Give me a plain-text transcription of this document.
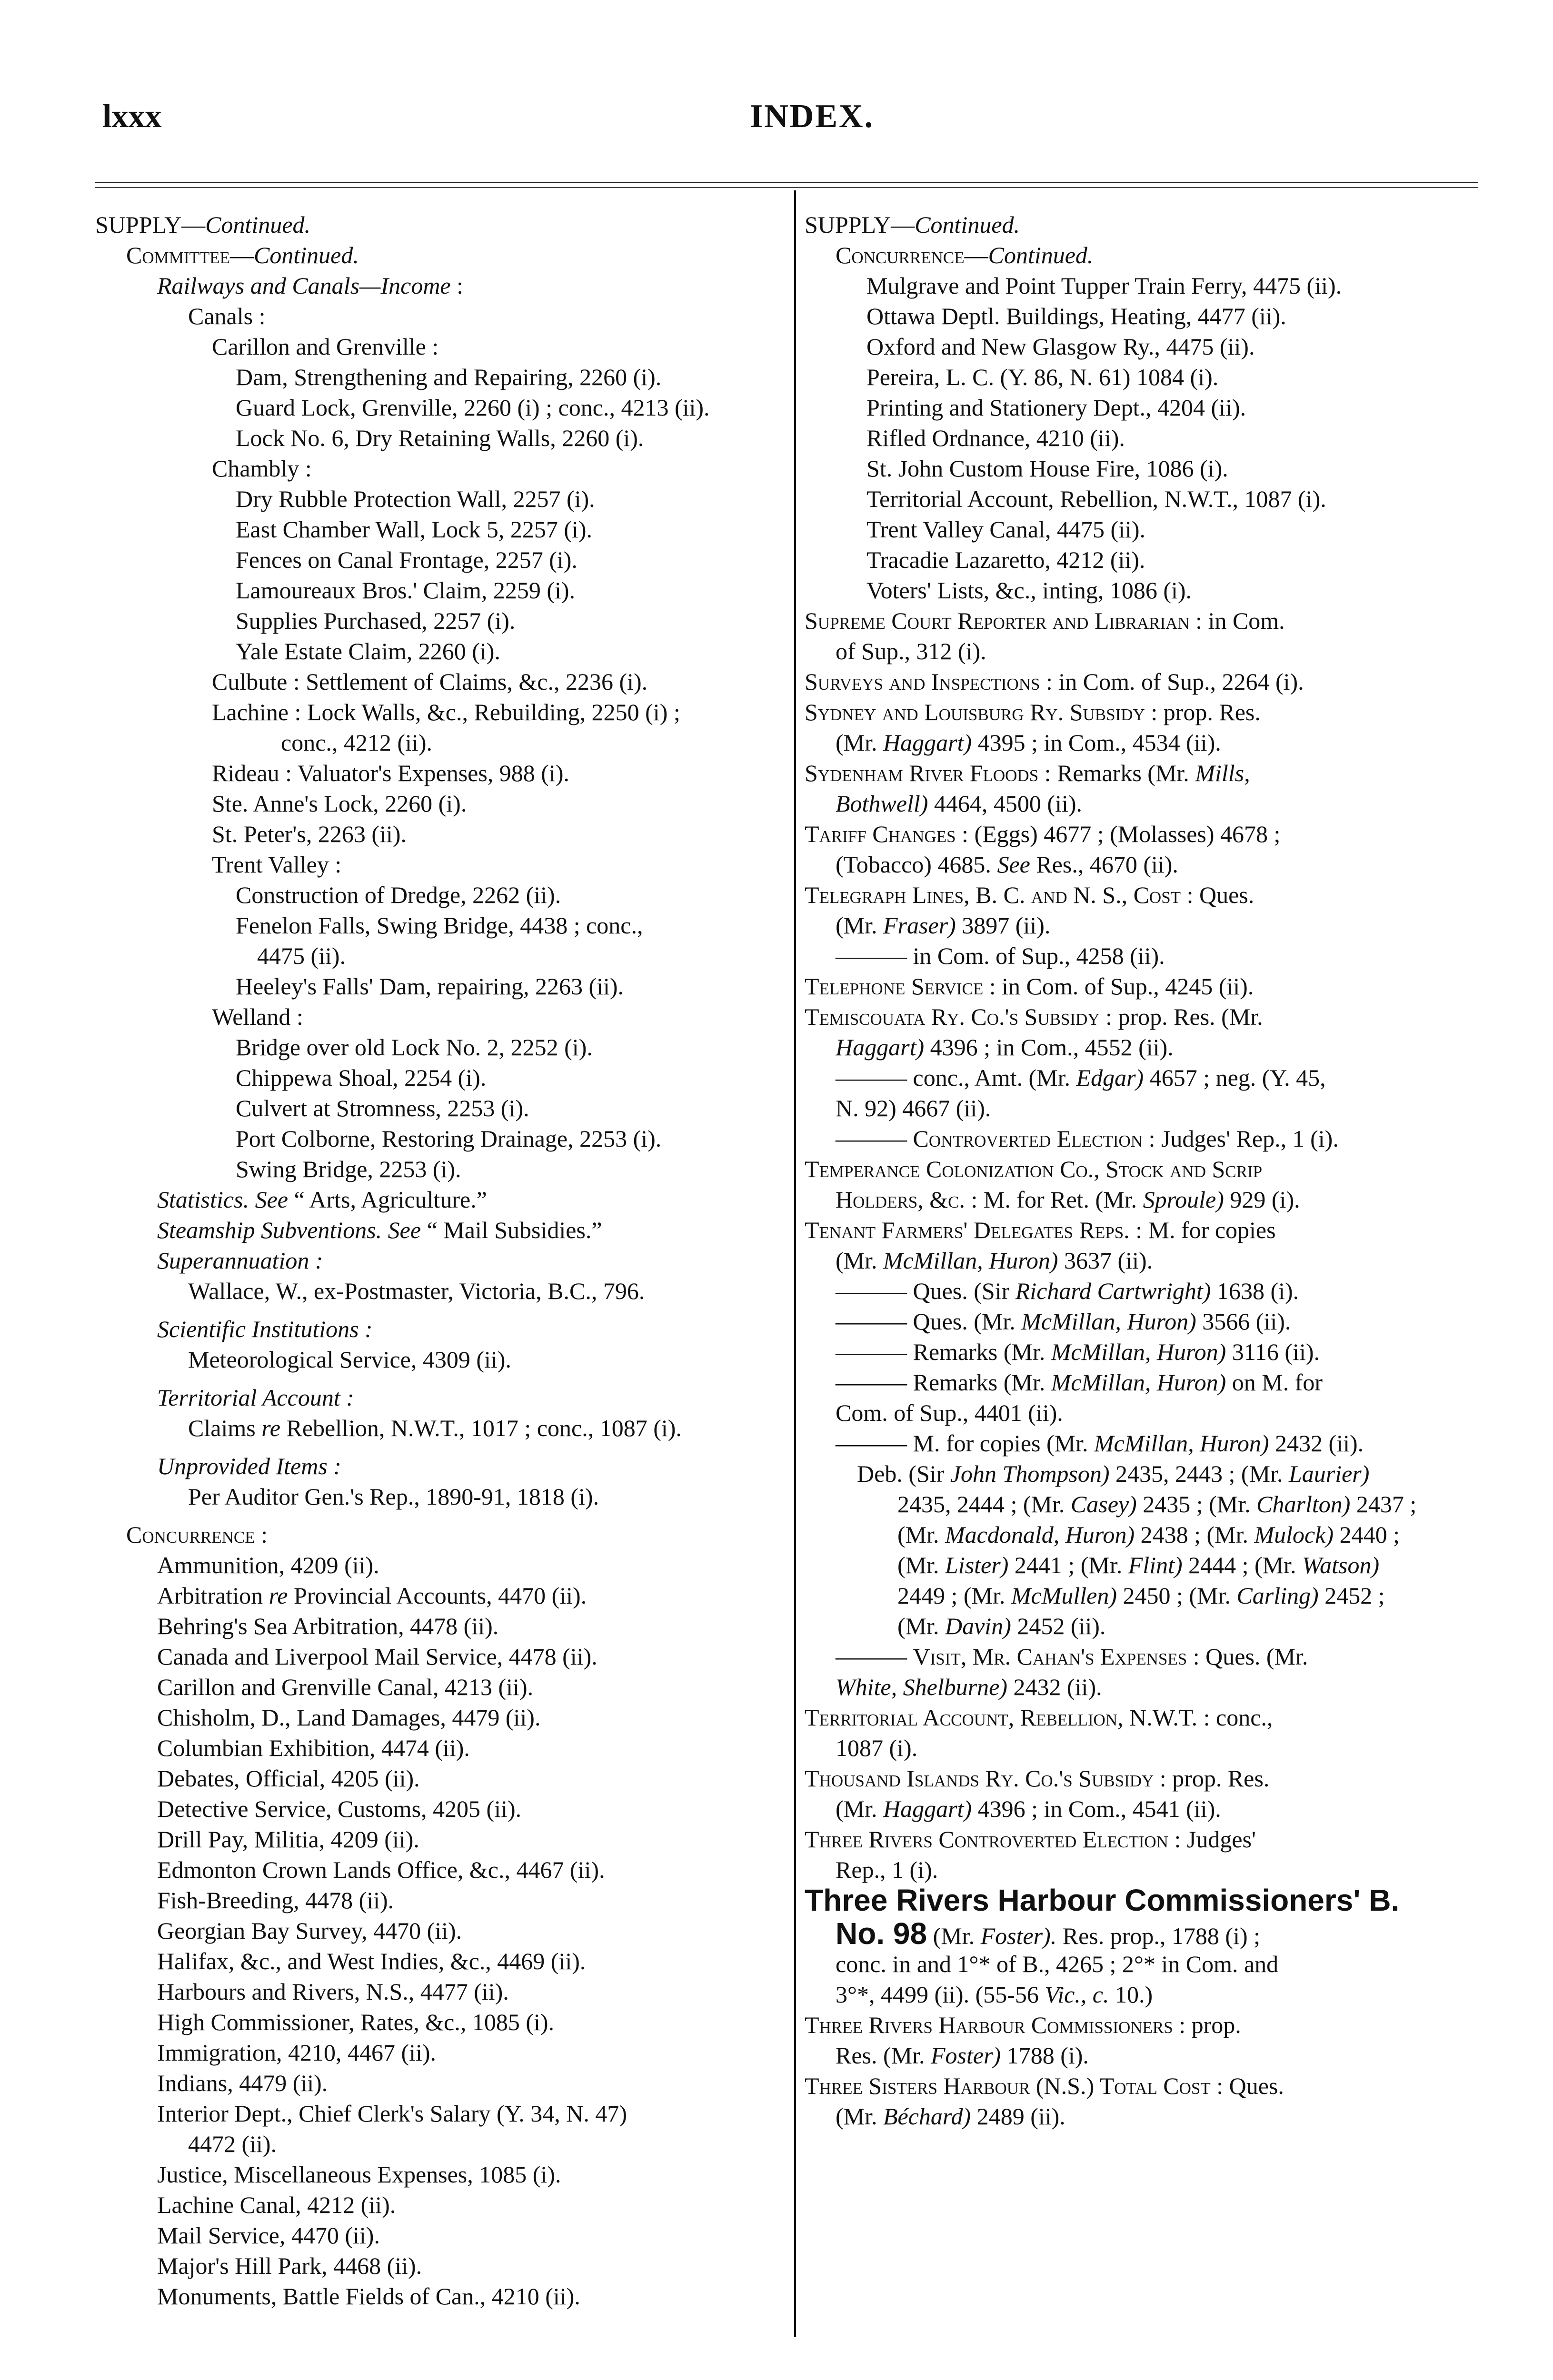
lxxx	INDEX.
SUPPLY—Continued.
Committee—Continued.
Railways and Canals—Income :
Canals :
Carillon and Grenville :
Dam, Strengthening and Repairing, 2260 (i).
Guard Lock, Grenville, 2260 (i) ; conc., 4213 (ii).
Lock No. 6, Dry Retaining Walls, 2260 (i).
Chambly :
Dry Rubble Protection Wall, 2257 (i).
East Chamber Wall, Lock 5, 2257 (i).
Fences on Canal Frontage, 2257 (i).
Lamoureaux Bros.' Claim, 2259 (i).
Supplies Purchased, 2257 (i).
Yale Estate Claim, 2260 (i).
Culbute : Settlement of Claims, &c., 2236 (i).
Lachine : Lock Walls, &c., Rebuilding, 2250 (i) ;
conc., 4212 (ii).
Rideau : Valuator's Expenses, 988 (i).
Ste. Anne's Lock, 2260 (i).
St. Peter's, 2263 (ii).
Trent Valley :
Construction of Dredge, 2262 (ii).
Fenelon Falls, Swing Bridge, 4438 ; conc.,
4475 (ii).
Heeley's Falls' Dam, repairing, 2263 (ii).
Welland :
Bridge over old Lock No. 2, 2252 (i).
Chippewa Shoal, 2254 (i).
Culvert at Stromness, 2253 (i).
Port Colborne, Restoring Drainage, 2253 (i).
Swing Bridge, 2253 (i).
Statistics. See “ Arts, Agriculture.”
Steamship Subventions. See “ Mail Subsidies.”
Superannuation :
Wallace, W., ex-Postmaster, Victoria, B.C., 796.
Scientific Institutions :
Meteorological Service, 4309 (ii).
Territorial Account :
Claims re Rebellion, N.W.T., 1017 ; conc., 1087 (i).
Unprovided Items :
Per Auditor Gen.'s Rep., 1890-91, 1818 (i).
Concurrence :
Ammunition, 4209 (ii).
Arbitration re Provincial Accounts, 4470 (ii).
Behring's Sea Arbitration, 4478 (ii).
Canada and Liverpool Mail Service, 4478 (ii).
Carillon and Grenville Canal, 4213 (ii).
Chisholm, D., Land Damages, 4479 (ii).
Columbian Exhibition, 4474 (ii).
Debates, Official, 4205 (ii).
Detective Service, Customs, 4205 (ii).
Drill Pay, Militia, 4209 (ii).
Edmonton Crown Lands Office, &c., 4467 (ii).
Fish-Breeding, 4478 (ii).
Georgian Bay Survey, 4470 (ii).
Halifax, &c., and West Indies, &c., 4469 (ii).
Harbours and Rivers, N.S., 4477 (ii).
High Commissioner, Rates, &c., 1085 (i).
Immigration, 4210, 4467 (ii).
Indians, 4479 (ii).
Interior Dept., Chief Clerk's Salary (Y. 34, N. 47)
4472 (ii).
Justice, Miscellaneous Expenses, 1085 (i).
Lachine Canal, 4212 (ii).
Mail Service, 4470 (ii).
Major's Hill Park, 4468 (ii).
Monuments, Battle Fields of Can., 4210 (ii).
SUPPLY—Continued.
Concurrence—Continued.
Mulgrave and Point Tupper Train Ferry, 4475 (ii).
Ottawa Deptl. Buildings, Heating, 4477 (ii).
Oxford and New Glasgow Ry., 4475 (ii).
Pereira, L. C. (Y. 86, N. 61) 1084 (i).
Printing and Stationery Dept., 4204 (ii).
Rifled Ordnance, 4210 (ii).
St. John Custom House Fire, 1086 (i).
Territorial Account, Rebellion, N.W.T., 1087 (i).
Trent Valley Canal, 4475 (ii).
Tracadie Lazaretto, 4212 (ii).
Voters' Lists, &c., inting, 1086 (i).
Supreme Court Reporter and Librarian : in Com.
of Sup., 312 (i).
Surveys and Inspections : in Com. of Sup., 2264 (i).
Sydney and Louisburg Ry. Subsidy : prop. Res.
(Mr. Haggart) 4395 ; in Com., 4534 (ii).
Sydenham River Floods : Remarks (Mr. Mills,
Bothwell) 4464, 4500 (ii).
Tariff Changes : (Eggs) 4677 ; (Molasses) 4678 ;
(Tobacco) 4685. See Res., 4670 (ii).
Telegraph Lines, B. C. and N. S., Cost : Ques.
(Mr. Fraser) 3897 (ii).
——— in Com. of Sup., 4258 (ii).
Telephone Service : in Com. of Sup., 4245 (ii).
Temiscouata Ry. Co.'s Subsidy : prop. Res. (Mr.
Haggart) 4396 ; in Com., 4552 (ii).
——— conc., Amt. (Mr. Edgar) 4657 ; neg. (Y. 45,
N. 92) 4667 (ii).
——— Controverted Election : Judges' Rep., 1 (i).
Temperance Colonization Co., Stock and Scrip
Holders, &c. : M. for Ret. (Mr. Sproule) 929 (i).
Tenant Farmers' Delegates Reps. : M. for copies
(Mr. McMillan, Huron) 3637 (ii).
——— Ques. (Sir Richard Cartwright) 1638 (i).
——— Ques. (Mr. McMillan, Huron) 3566 (ii).
——— Remarks (Mr. McMillan, Huron) 3116 (ii).
——— Remarks (Mr. McMillan, Huron) on M. for
Com. of Sup., 4401 (ii).
——— M. for copies (Mr. McMillan, Huron) 2432 (ii).
Deb. (Sir John Thompson) 2435, 2443 ; (Mr. Laurier)
2435, 2444 ; (Mr. Casey) 2435 ; (Mr. Charlton) 2437 ;
(Mr. Macdonald, Huron) 2438 ; (Mr. Mulock) 2440 ;
(Mr. Lister) 2441 ; (Mr. Flint) 2444 ; (Mr. Watson)
2449 ; (Mr. McMullen) 2450 ; (Mr. Carling) 2452 ;
(Mr. Davin) 2452 (ii).
——— Visit, Mr. Cahan's Expenses : Ques. (Mr.
White, Shelburne) 2432 (ii).
Territorial Account, Rebellion, N.W.T. : conc.,
1087 (i).
Thousand Islands Ry. Co.'s Subsidy : prop. Res.
(Mr. Haggart) 4396 ; in Com., 4541 (ii).
Three Rivers Controverted Election : Judges'
Rep., 1 (i).
Three Rivers Harbour Commissioners' B.
No. 98 (Mr. Foster). Res. prop., 1788 (i) ;
conc. in and 1°* of B., 4265 ; 2°* in Com. and
3°*, 4499 (ii). (55-56 Vic., c. 10.)
Three Rivers Harbour Commissioners : prop.
Res. (Mr. Foster) 1788 (i).
Three Sisters Harbour (N.S.) Total Cost : Ques.
(Mr. Béchard) 2489 (ii).
